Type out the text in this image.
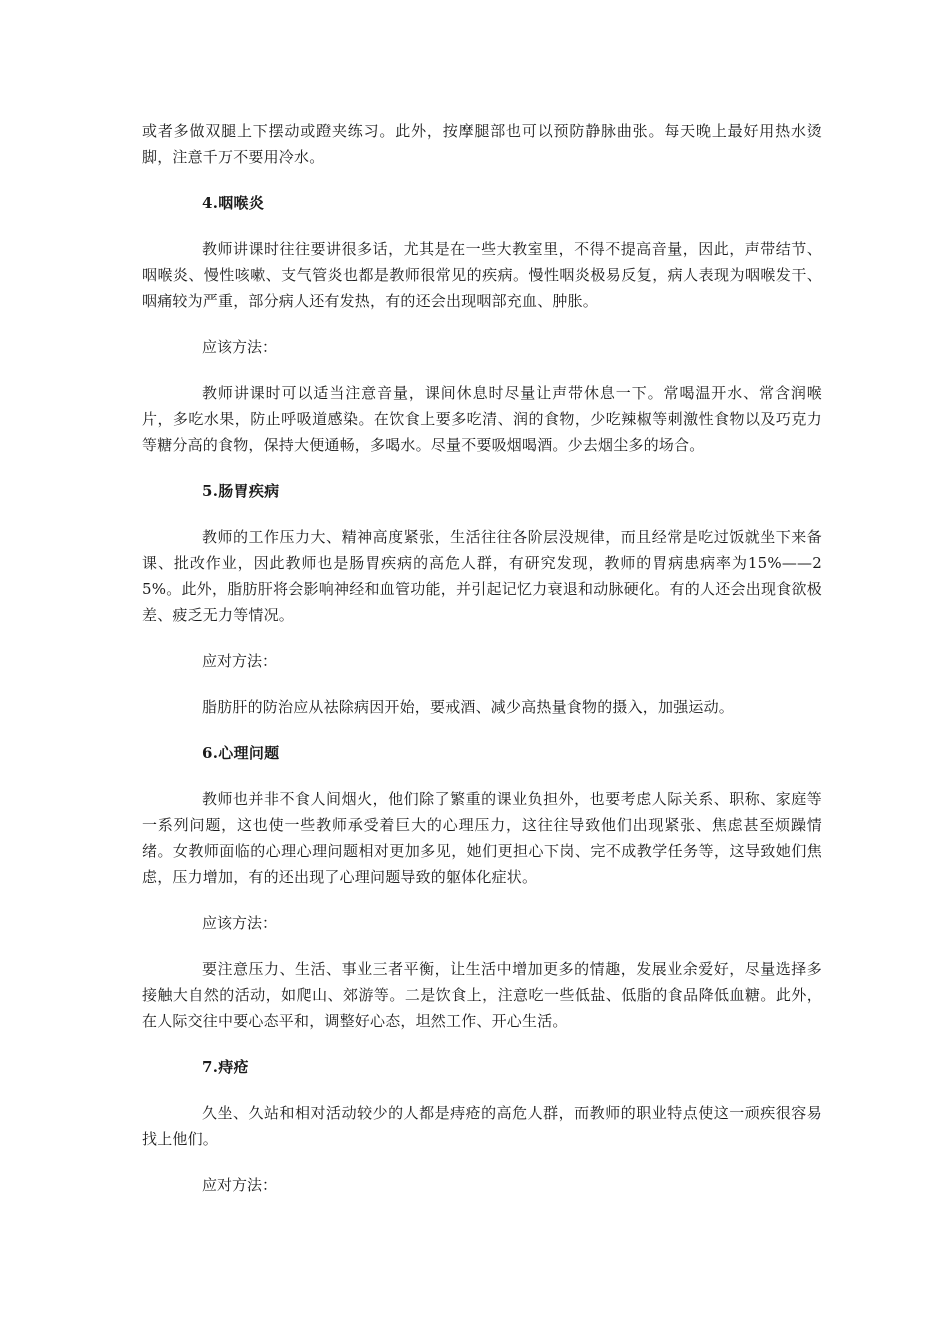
或者多做双腿上下摆动或蹬夹练习。此外，按摩腿部也可以预防静脉曲张。每天晚上最好用热水烫脚，注意千万不要用冷水。

4.咽喉炎

教师讲课时往往要讲很多话，尤其是在一些大教室里，不得不提高音量，因此，声带结节、咽喉炎、慢性咳嗽、支气管炎也都是教师很常见的疾病。慢性咽炎极易反复，病人表现为咽喉发干、咽痛较为严重，部分病人还有发热，有的还会出现咽部充血、肿胀。

应该方法：

教师讲课时可以适当注意音量，课间休息时尽量让声带休息一下。常喝温开水、常含润喉片，多吃水果，防止呼吸道感染。在饮食上要多吃清、润的食物，少吃辣椒等刺激性食物以及巧克力等糖分高的食物，保持大便通畅，多喝水。尽量不要吸烟喝酒。少去烟尘多的场合。

5.肠胃疾病

教师的工作压力大、精神高度紧张，生活往往各阶层没规律，而且经常是吃过饭就坐下来备课、批改作业，因此教师也是肠胃疾病的高危人群，有研究发现，教师的胃病患病率为15%——25%。此外，脂肪肝将会影响神经和血管功能，并引起记忆力衰退和动脉硬化。有的人还会出现食欲极差、疲乏无力等情况。

应对方法：

脂肪肝的防治应从祛除病因开始，要戒酒、减少高热量食物的摄入，加强运动。

6.心理问题

教师也并非不食人间烟火，他们除了繁重的课业负担外，也要考虑人际关系、职称、家庭等一系列问题，这也使一些教师承受着巨大的心理压力，这往往导致他们出现紧张、焦虑甚至烦躁情绪。女教师面临的心理心理问题相对更加多见，她们更担心下岗、完不成教学任务等，这导致她们焦虑，压力增加，有的还出现了心理问题导致的躯体化症状。

应该方法：

要注意压力、生活、事业三者平衡，让生活中增加更多的情趣，发展业余爱好，尽量选择多接触大自然的活动，如爬山、郊游等。二是饮食上，注意吃一些低盐、低脂的食品降低血糖。此外，在人际交往中要心态平和，调整好心态，坦然工作、开心生活。

7.痔疮

久坐、久站和相对活动较少的人都是痔疮的高危人群，而教师的职业特点使这一顽疾很容易找上他们。

应对方法：
